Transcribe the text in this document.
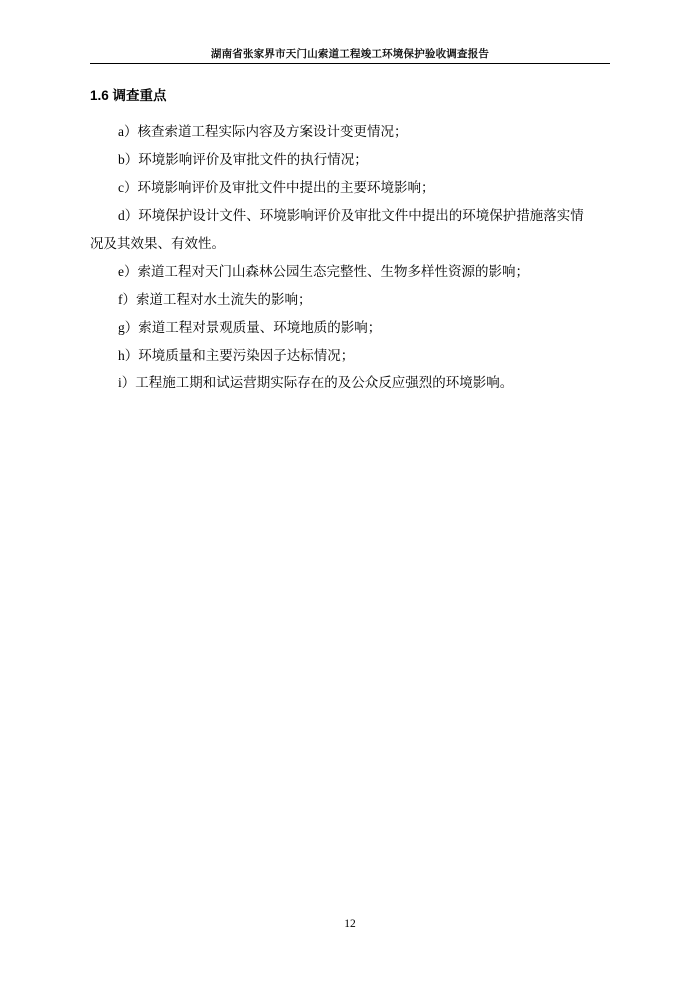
湖南省张家界市天门山索道工程竣工环境保护验收调查报告
1.6 调查重点

a）核查索道工程实际内容及方案设计变更情况；

b）环境影响评价及审批文件的执行情况；

c）环境影响评价及审批文件中提出的主要环境影响；

d）环境保护设计文件、环境影响评价及审批文件中提出的环境保护措施落实情

况及其效果、有效性。

e）索道工程对天门山森林公园生态完整性、生物多样性资源的影响；

f）索道工程对水土流失的影响；

g）索道工程对景观质量、环境地质的影响；

h）环境质量和主要污染因子达标情况；

i）工程施工期和试运营期实际存在的及公众反应强烈的环境影响。

12
